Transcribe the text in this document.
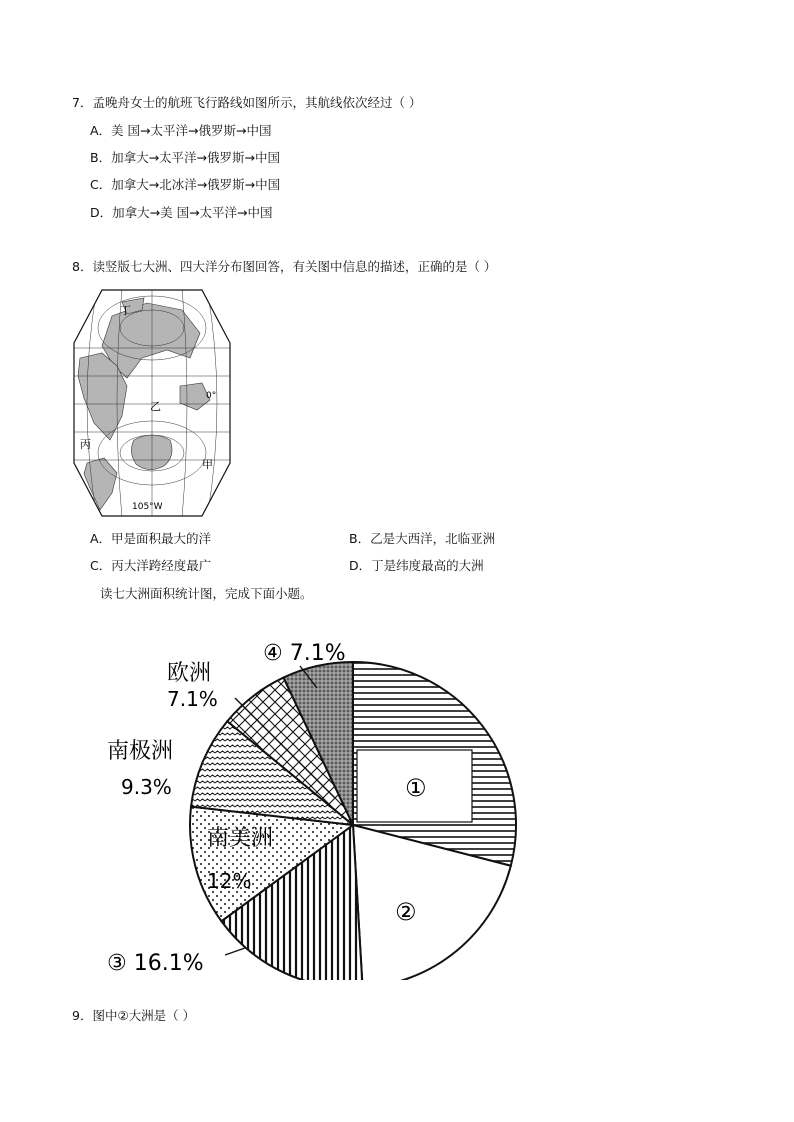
7．孟晚舟女士的航班飞行路线如图所示，其航线依次经过（ ）
A．美 国→太平洋→俄罗斯→中国
B．加拿大→太平洋→俄罗斯→中国
C．加拿大→北冰洋→俄罗斯→中国
D．加拿大→美 国→太平洋→中国
8．读竖版七大洲、四大洋分布图回答，有关图中信息的描述，正确的是（ ）
丁
乙
丙
甲
0°
105°W
A．甲是面积最大的洋	B．乙是大西洋，北临亚洲
C．丙大洋跨经度最广	D．丁是纬度最高的大洲
读七大洲面积统计图，完成下面小题。
①
②
④ 7.1%
欧洲
7.1%
南极洲
9.3%
南美洲
12%
③ 16.1%
9．图中②大洲是（ ）
